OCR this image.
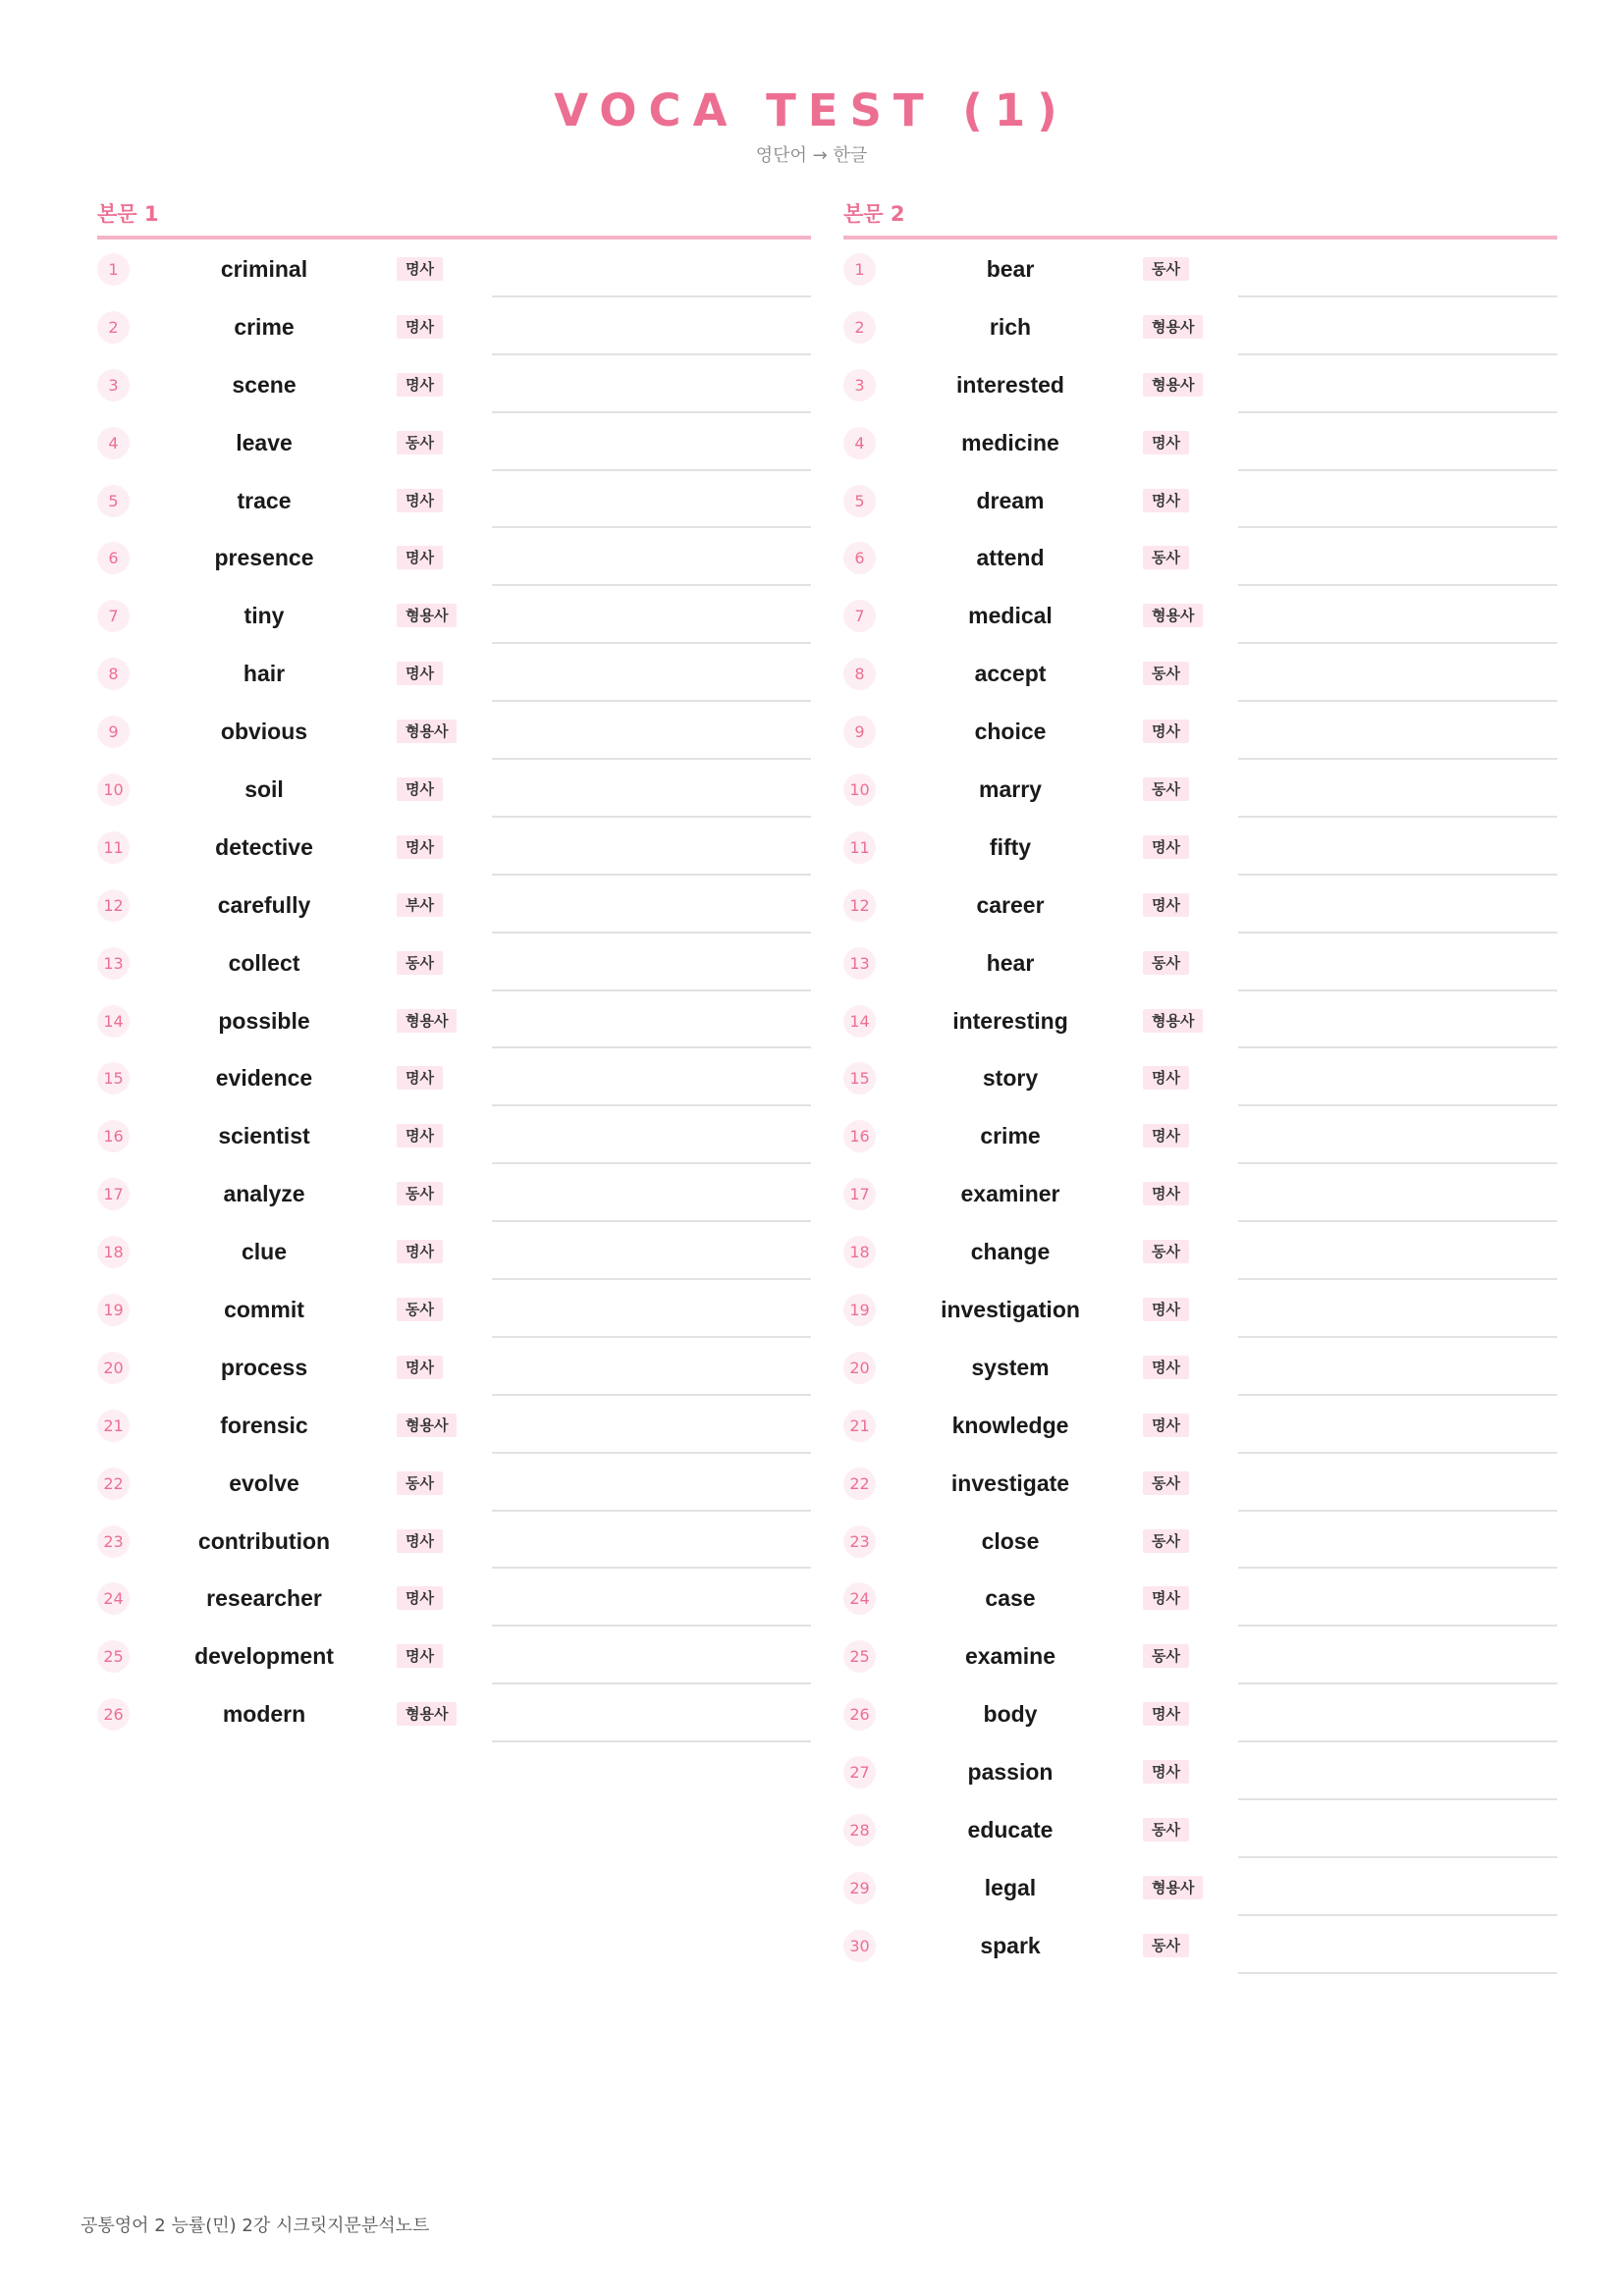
VOCA TEST (1)
영단어 → 한글
본문 1
1	criminal	명사
2	crime	명사
3	scene	명사
4	leave	동사
5	trace	명사
6	presence	명사
7	tiny	형용사
8	hair	명사
9	obvious	형용사
10	soil	명사
11	detective	명사
12	carefully	부사
13	collect	동사
14	possible	형용사
15	evidence	명사
16	scientist	명사
17	analyze	동사
18	clue	명사
19	commit	동사
20	process	명사
21	forensic	형용사
22	evolve	동사
23	contribution	명사
24	researcher	명사
25	development	명사
26	modern	형용사
본문 2
1	bear	동사
2	rich	형용사
3	interested	형용사
4	medicine	명사
5	dream	명사
6	attend	동사
7	medical	형용사
8	accept	동사
9	choice	명사
10	marry	동사
11	fifty	명사
12	career	명사
13	hear	동사
14	interesting	형용사
15	story	명사
16	crime	명사
17	examiner	명사
18	change	동사
19	investigation	명사
20	system	명사
21	knowledge	명사
22	investigate	동사
23	close	동사
24	case	명사
25	examine	동사
26	body	명사
27	passion	명사
28	educate	동사
29	legal	형용사
30	spark	동사
공통영어 2 능률(민) 2강 시크릿지문분석노트
